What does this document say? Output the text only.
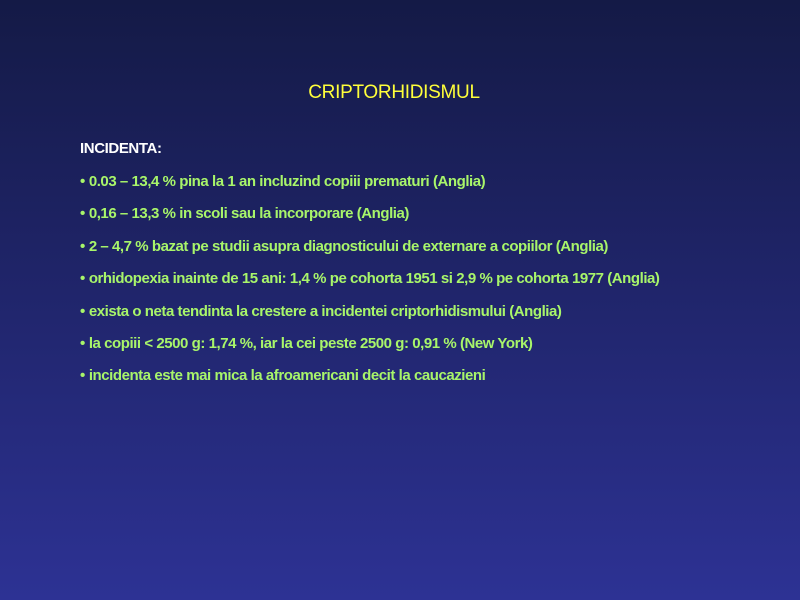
CRIPTORHIDISMUL
INCIDENTA:
• 0.03 – 13,4 % pina la 1 an incluzind copiii prematuri (Anglia)
• 0,16 – 13,3 % in scoli sau la incorporare (Anglia)
• 2 – 4,7 % bazat pe studii asupra diagnosticului de externare a copiilor (Anglia)
• orhidopexia inainte de 15 ani: 1,4 % pe cohorta 1951 si 2,9 % pe cohorta 1977 (Anglia)
• exista o neta tendinta la crestere a incidentei criptorhidismului (Anglia)
• la copiii < 2500 g: 1,74 %, iar la cei peste 2500 g: 0,91 % (New York)
• incidenta este mai mica la afroamericani decit la caucazieni
